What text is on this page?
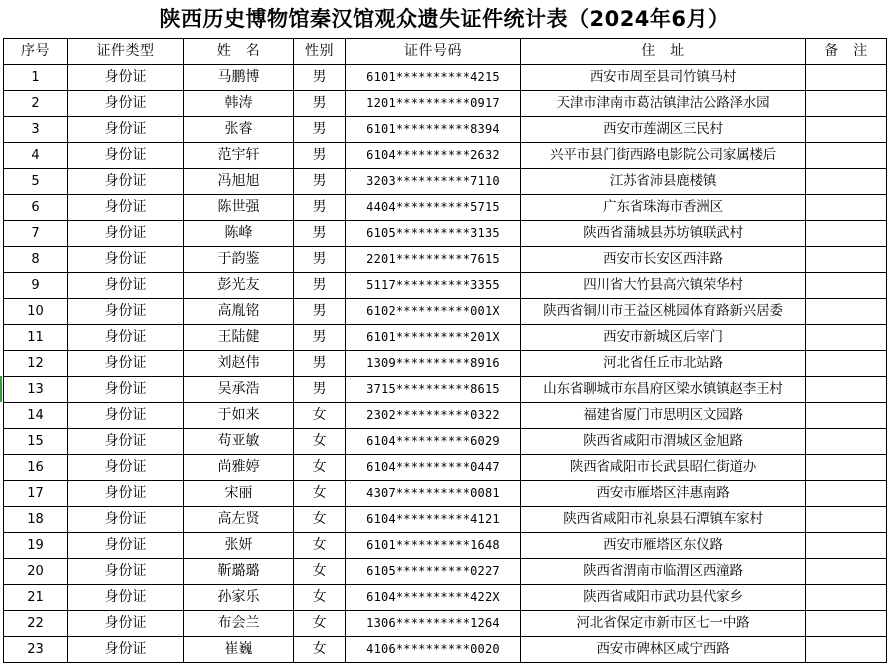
陕西历史博物馆秦汉馆观众遗失证件统计表（2024年6月）
序号	证件类型	姓　名	性别	证件号码	住　址	备　注
1	身份证	马鹏博	男	6101**********4215	西安市周至县司竹镇马村	
2	身份证	韩涛	男	1201**********0917	天津市津南市葛沽镇津沽公路泽水园	
3	身份证	张睿	男	6101**********8394	西安市莲湖区三民村	
4	身份证	范宇轩	男	6104**********2632	兴平市县门街西路电影院公司家属楼后	
5	身份证	冯旭旭	男	3203**********7110	江苏省沛县鹿楼镇	
6	身份证	陈世强	男	4404**********5715	广东省珠海市香洲区	
7	身份证	陈峰	男	6105**********3135	陕西省蒲城县苏坊镇联武村	
8	身份证	于韵鉴	男	2201**********7615	西安市长安区西沣路	
9	身份证	彭光友	男	5117**********3355	四川省大竹县高穴镇荣华村	
10	身份证	高胤铭	男	6102**********001X	陕西省铜川市王益区桃园体育路新兴居委	
11	身份证	王陆健	男	6101**********201X	西安市新城区后宰门	
12	身份证	刘赵伟	男	1309**********8916	河北省任丘市北站路	
13	身份证	吴承浩	男	3715**********8615	山东省聊城市东昌府区梁水镇镇赵李王村	
14	身份证	于如来	女	2302**********0322	福建省厦门市思明区文园路	
15	身份证	苟亚敏	女	6104**********6029	陕西省咸阳市渭城区金旭路	
16	身份证	尚雅婷	女	6104**********0447	陕西省咸阳市长武县昭仁街道办	
17	身份证	宋丽	女	4307**********0081	西安市雁塔区沣惠南路	
18	身份证	高左贤	女	6104**********4121	陕西省咸阳市礼泉县石潭镇车家村	
19	身份证	张妍	女	6101**********1648	西安市雁塔区东仪路	
20	身份证	靳璐璐	女	6105**********0227	陕西省渭南市临渭区西潼路	
21	身份证	孙家乐	女	6104**********422X	陕西省咸阳市武功县代家乡	
22	身份证	布会兰	女	1306**********1264	河北省保定市新市区七一中路	
23	身份证	崔巍	女	4106**********0020	西安市碑林区咸宁西路	
